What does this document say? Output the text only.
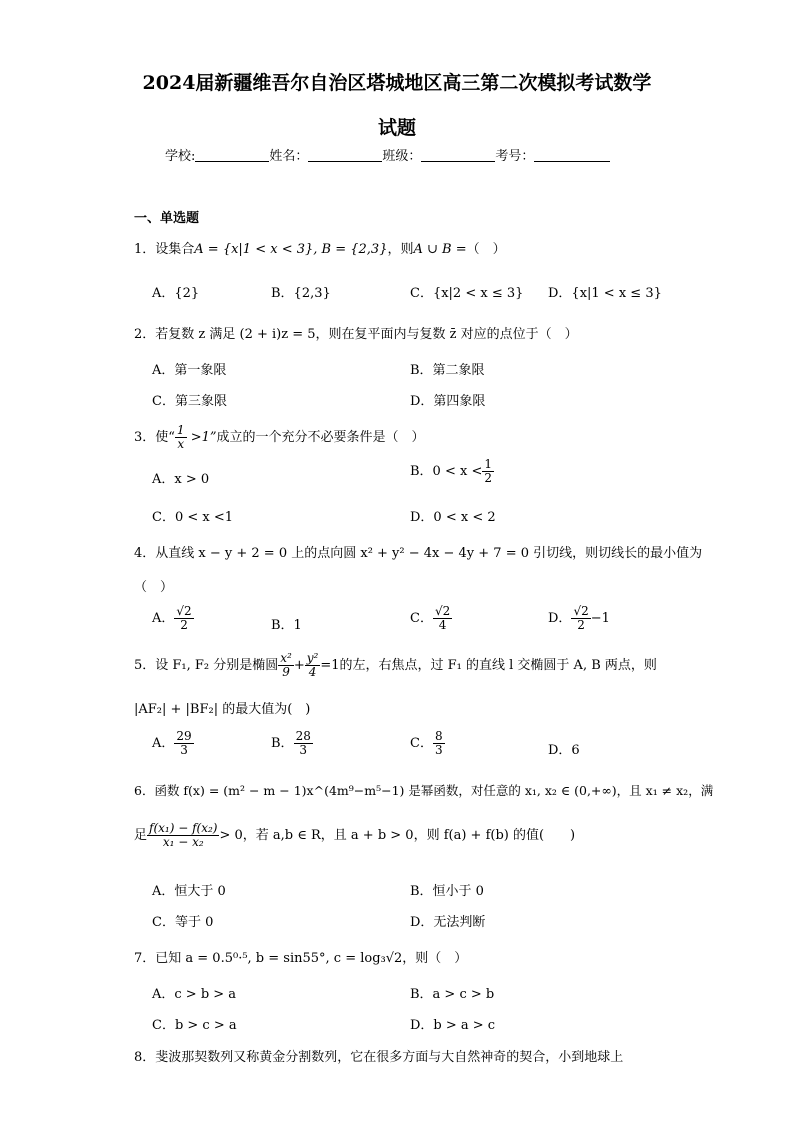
2024届新疆维吾尔自治区塔城地区高三第二次模拟考试数学
试题
学校:	姓名：	班级：	考号：
一、单选题
1．设集合A = {x|1 < x < 3}, B = {2,3}，则A ∪ B =（　）
A．{2}	B．{2,3}	C．{x|2 < x ≤ 3} D．{x|1 < x ≤ 3}
2．若复数 z 满足 (2 + i)z = 5，则在复平面内与复数 z̄ 对应的点位于（　）
A．第一象限	B．第二象限
C．第三象限	D．第四象限
3．使“ $\frac{1}{x} >1$”成立的一个充分不必要条件是（　）
A．x > 0
B．$0 < x < \frac{1}{2}$
C．0 < x <1	D．0 < x < 2
4．从直线 x − y + 2 = 0 上的点向圆 x² + y² − 4x − 4y + 7 = 0 引切线，则切线长的最小值为
（　）
A． $\frac{√2}{2}$	B．1	C． $\frac{√2}{4}$	D． $\frac{√2}{2} -1$
5．设 F₁, F₂ 分别是椭圆 $\frac{\text{x²}}{9} + \frac{\text{y²}}{4} =1$的左，右焦点，过 F₁ 的直线 l 交椭圆于 A, B 两点，则
|AF₂| + |BF₂| 的最大值为(　)
A． $\frac{29}{3}$	B． $\frac{28}{3}$	C． $\frac{8}{3}$	D．6
6．函数 f(x) = (m² − m − 1)x^(4m⁹−m⁵−1) 是幂函数，对任意的 x₁, x₂ ∈ (0,+∞)，且 x₁ ≠ x₂，满
足 $\frac{\text{f(x₁) − f(x₂)}}{\text{x₁ − x₂}} > 0$，若 a,b ∈ R，且 a + b > 0，则 f(a) + f(b) 的值(　　)
A．恒大于 0	B．恒小于 0
C．等于 0	D．无法判断
7．已知 a = 0.5⁰·⁵, b = sin55°, c = log₃√2，则（　）
A．c > b > a	B．a > c > b
C．b > c > a	D．b > a > c
8．斐波那契数列又称黄金分割数列，它在很多方面与大自然神奇的契合，小到地球上
